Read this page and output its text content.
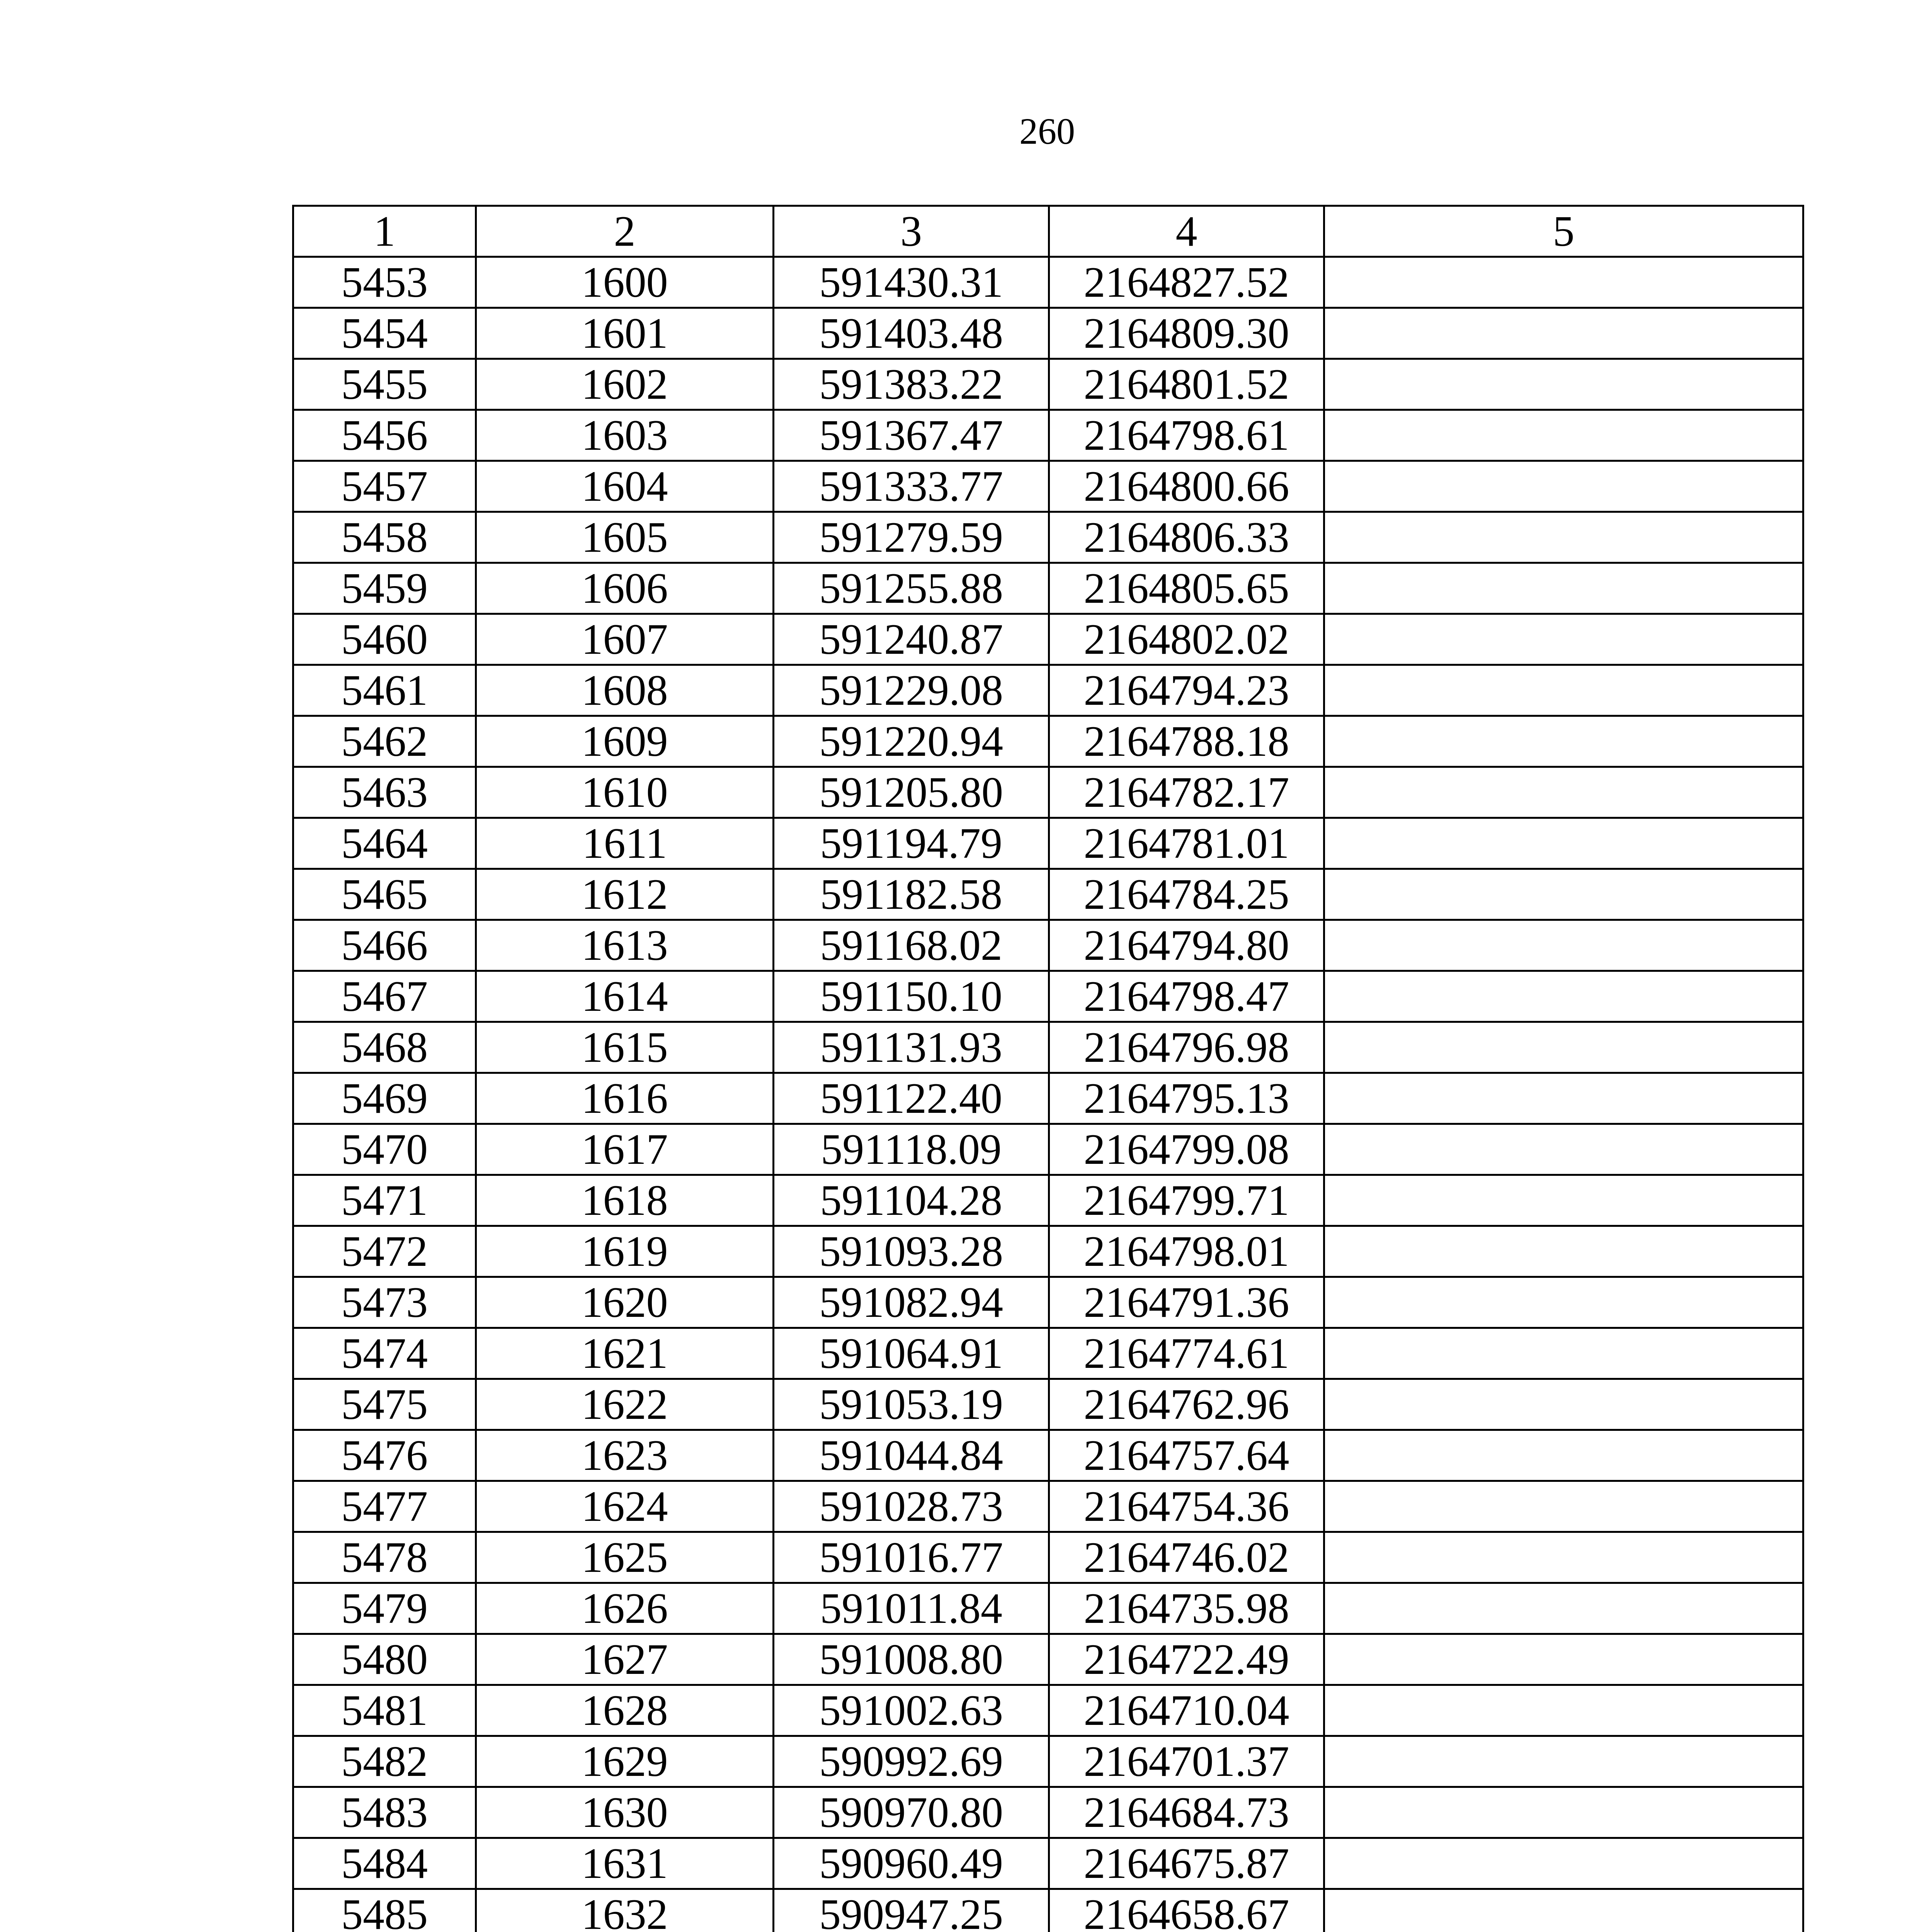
260
1	2	3	4	5
5453	1600	591430.31	2164827.52	
5454	1601	591403.48	2164809.30	
5455	1602	591383.22	2164801.52	
5456	1603	591367.47	2164798.61	
5457	1604	591333.77	2164800.66	
5458	1605	591279.59	2164806.33	
5459	1606	591255.88	2164805.65	
5460	1607	591240.87	2164802.02	
5461	1608	591229.08	2164794.23	
5462	1609	591220.94	2164788.18	
5463	1610	591205.80	2164782.17	
5464	1611	591194.79	2164781.01	
5465	1612	591182.58	2164784.25	
5466	1613	591168.02	2164794.80	
5467	1614	591150.10	2164798.47	
5468	1615	591131.93	2164796.98	
5469	1616	591122.40	2164795.13	
5470	1617	591118.09	2164799.08	
5471	1618	591104.28	2164799.71	
5472	1619	591093.28	2164798.01	
5473	1620	591082.94	2164791.36	
5474	1621	591064.91	2164774.61	
5475	1622	591053.19	2164762.96	
5476	1623	591044.84	2164757.64	
5477	1624	591028.73	2164754.36	
5478	1625	591016.77	2164746.02	
5479	1626	591011.84	2164735.98	
5480	1627	591008.80	2164722.49	
5481	1628	591002.63	2164710.04	
5482	1629	590992.69	2164701.37	
5483	1630	590970.80	2164684.73	
5484	1631	590960.49	2164675.87	
5485	1632	590947.25	2164658.67	
